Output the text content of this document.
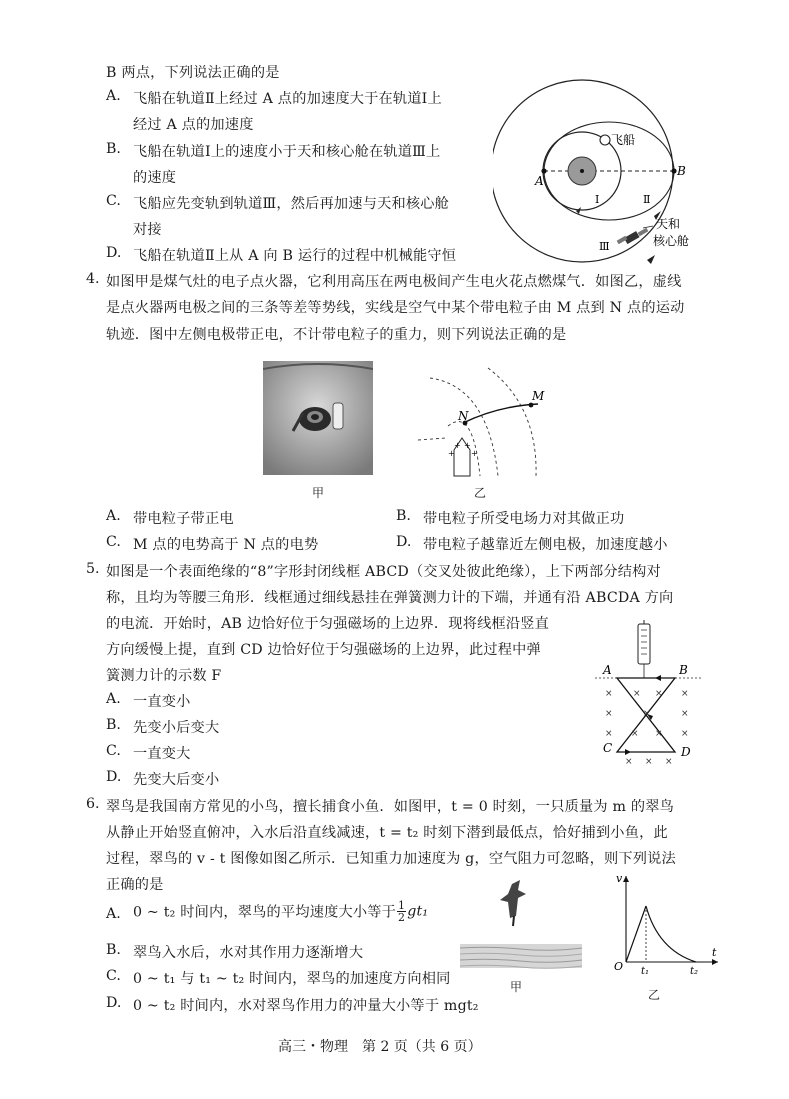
B 两点，下列说法正确的是
A. 飞船在轨道Ⅱ上经过 A 点的加速度大于在轨道Ⅰ上
经过 A 点的加速度
B. 飞船在轨道Ⅰ上的速度小于天和核心舱在轨道Ⅲ上
的速度
C. 飞船应先变轨到轨道Ⅲ，然后再加速与天和核心舱
对接
D. 飞船在轨道Ⅱ上从 A 向 B 运行的过程中机械能守恒
飞船
A
B
Ⅰ	Ⅱ
Ⅲ
天和
核心舱
4. 如图甲是煤气灶的电子点火器，它利用高压在两电极间产生电火花点燃煤气．如图乙，虚线
是点火器两电极之间的三条等差等势线，实线是空气中某个带电粒子由 M 点到 N 点的运动
轨迹．图中左侧电极带正电，不计带电粒子的重力，则下列说法正确的是
甲
+ +
+ +
N
M
乙
A. 带电粒子带正电	B. 带电粒子所受电场力对其做正功
C. M 点的电势高于 N 点的电势	D. 带电粒子越靠近左侧电极，加速度越小
5. 如图是一个表面绝缘的“8”字形封闭线框 ABCD（交叉处彼此绝缘），上下两部分结构对
称，且均为等腰三角形．线框通过细线悬挂在弹簧测力计的下端，并通有沿 ABCDA 方向
的电流．开始时，AB 边恰好位于匀强磁场的上边界．现将线框沿竖直
方向缓慢上提，直到 CD 边恰好位于匀强磁场的上边界，此过程中弹
簧测力计的示数 F
A. 一直变小
B. 先变小后变大
C. 一直变大
D. 先变大后变小
× × × ×
×	×	×
× × × ×
× × ×
A	B
C	D
6. 翠鸟是我国南方常见的小鸟，擅长捕食小鱼．如图甲，t = 0 时刻，一只质量为 m 的翠鸟
从静止开始竖直俯冲，入水后沿直线减速，t = t₂ 时刻下潜到最低点，恰好捕到小鱼，此
过程，翠鸟的 v - t 图像如图乙所示．已知重力加速度为 g，空气阻力可忽略，则下列说法
正确的是
A. 0 ~ t₂ 时间内，翠鸟的平均速度大小等于 $\frac{1}{2} gt_1$
B. 翠鸟入水后，水对其作用力逐渐增大
C. 0 ~ t₁ 与 t₁ ~ t₂ 时间内，翠鸟的加速度方向相同
D. 0 ~ t₂ 时间内，水对翠鸟作用力的冲量大小等于 mgt₂
甲
v
t
O t₁	t₂
乙
高三・物理　第 2 页（共 6 页）
